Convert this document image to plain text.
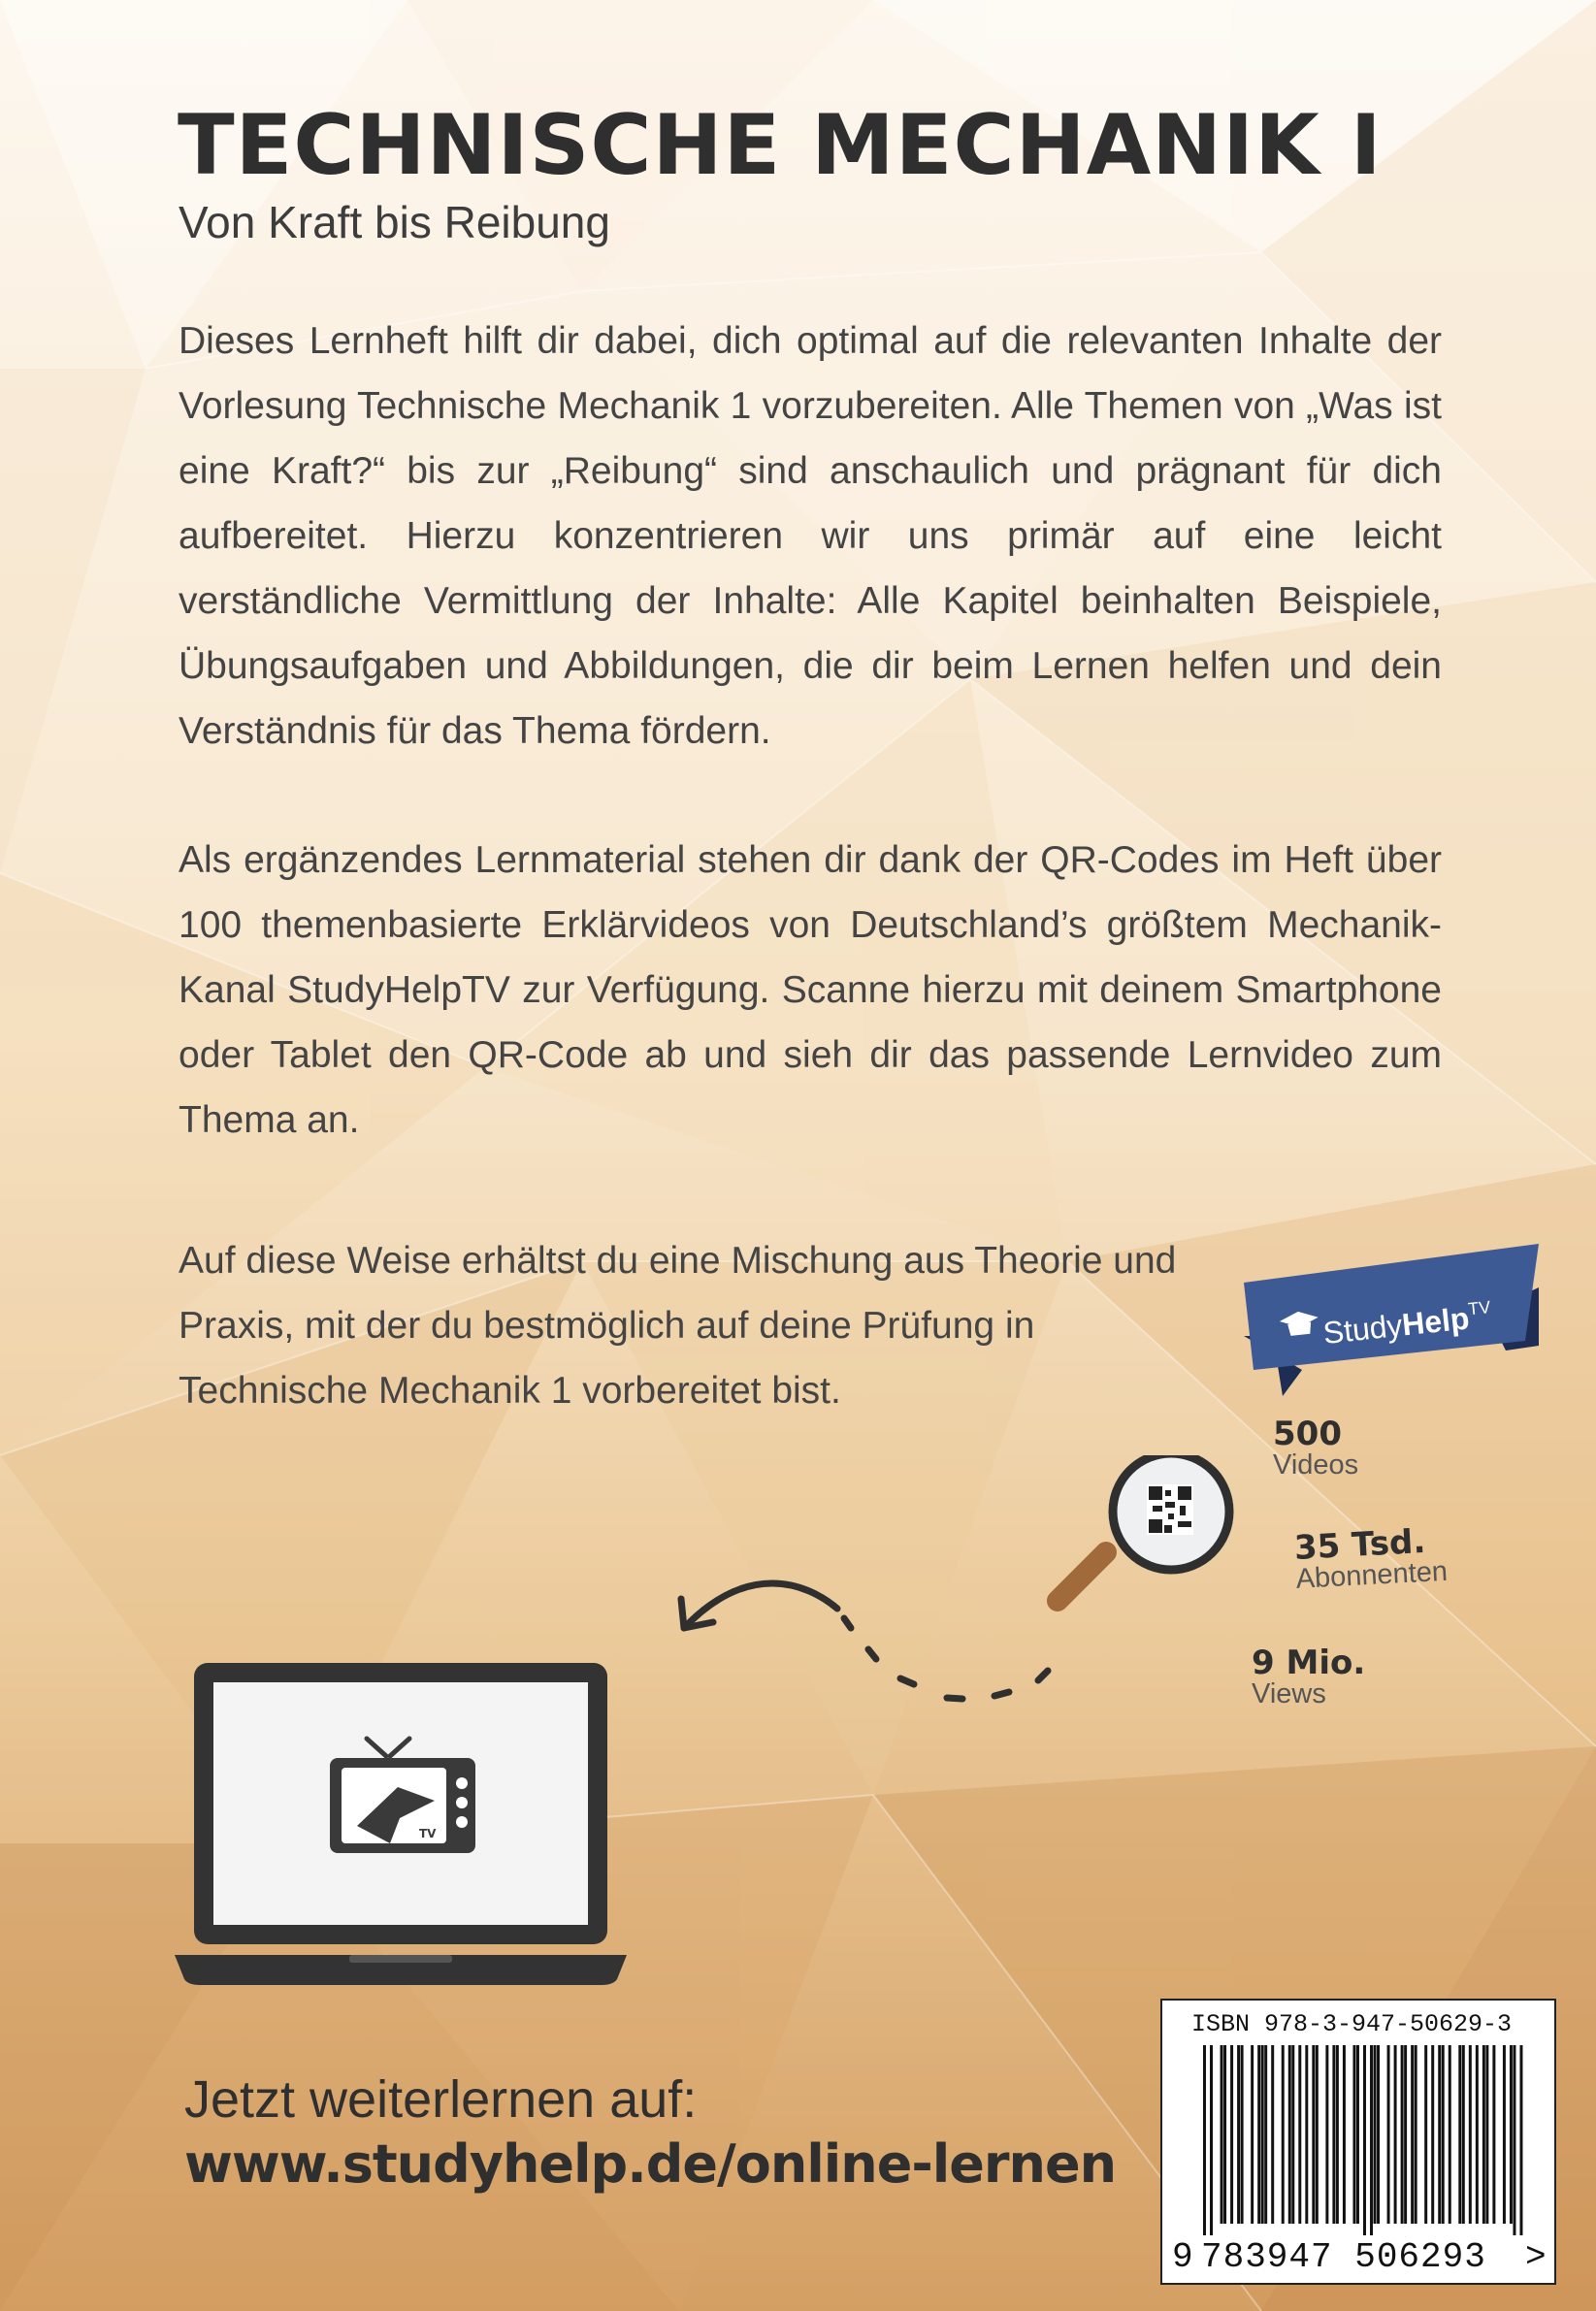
TECHNISCHE MECHANIK I

Von Kraft bis Reibung

Dieses Lernheft hilft dir dabei, dich optimal auf die relevanten Inhalte der Vorlesung Technische Mechanik 1 vorzubereiten. Alle Themen von „Was ist eine Kraft?“ bis zur „Reibung“ sind anschaulich und prägnant für dich aufbereitet. Hierzu konzentrieren wir uns primär auf eine leicht verständliche Vermittlung der Inhalte: Alle Kapitel beinhalten Beispiele, Übungsaufgaben und Abbildungen, die dir beim Lernen helfen und dein Verständnis für das Thema fördern.

Als ergänzendes Lernmaterial stehen dir dank der QR-Codes im Heft über 100 themenbasierte Erklärvideos von Deutschland’s größtem Mechanik-Kanal StudyHelpTV zur Verfügung. Scanne hierzu mit deinem Smartphone oder Tablet den QR-Code ab und sieh dir das passende Lernvideo zum Thema an.

Auf diese Weise erhältst du eine Mischung aus Theorie und Praxis, mit der du bestmöglich auf deine Prüfung in Technische Mechanik 1 vorbereitet bist.

StudyHelp$^{TV}$
500
Videos
35 Tsd.
Abonnenten
9 Mio.
Views
TV
Jetzt weiterlernen auf:
www.studyhelp.de/online-lernen
ISBN 978-3-947-50629-3
9 783947 506293 >
